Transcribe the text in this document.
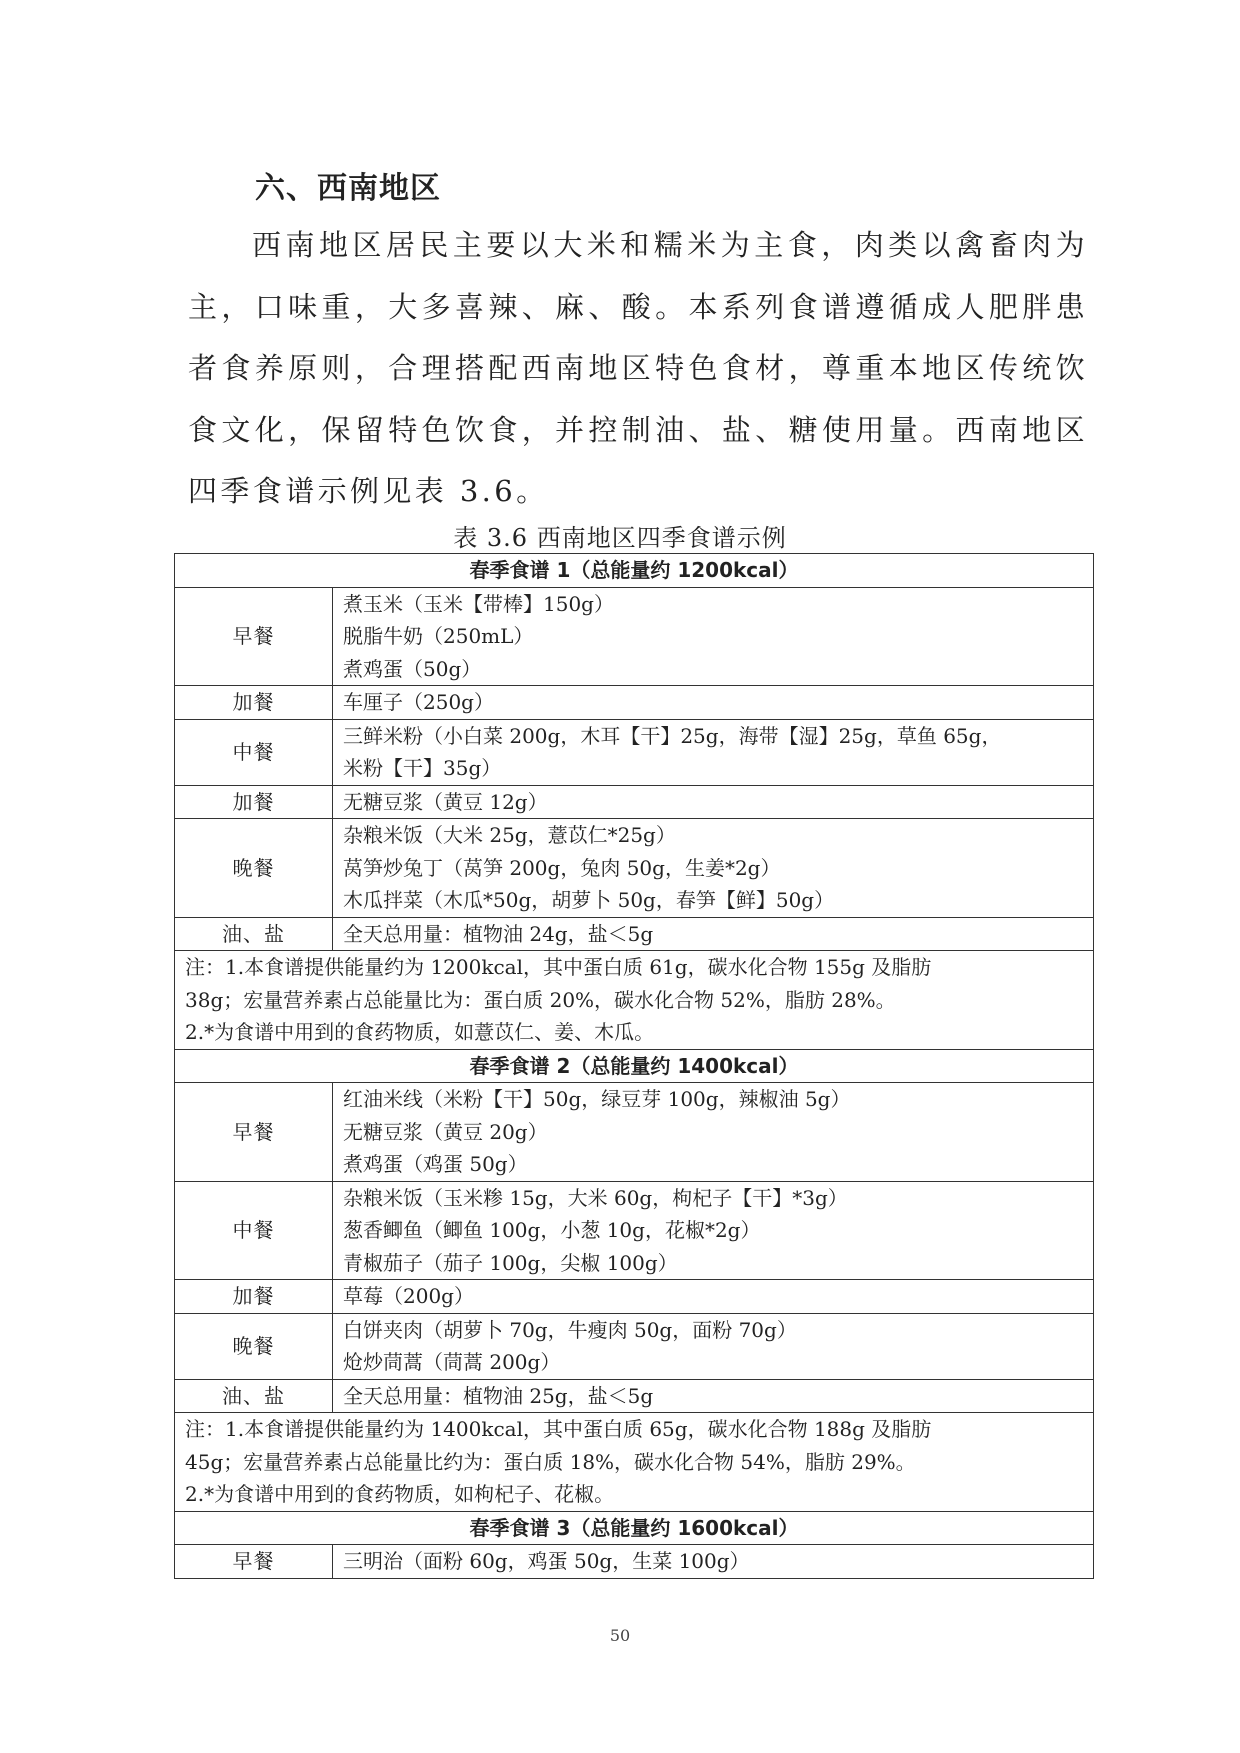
六、西南地区

西南地区居民主要以大米和糯米为主食，肉类以禽畜肉为主，口味重，大多喜辣、麻、酸。本系列食谱遵循成人肥胖患者食养原则，合理搭配西南地区特色食材，尊重本地区传统饮食文化，保留特色饮食，并控制油、盐、糖使用量。西南地区四季食谱示例见表 3.6。

表 3.6 西南地区四季食谱示例

春季食谱 1（总能量约 1200kcal）	
早餐	煮玉米（玉米【带棒】150g）
脱脂牛奶（250mL）
煮鸡蛋（50g）

加餐	车厘子（250g）

中餐	三鲜米粉（小白菜 200g，木耳【干】25g，海带【湿】25g，草鱼 65g，
米粉【干】35g）

加餐	无糖豆浆（黄豆 12g）

晚餐	杂粮米饭（大米 25g，薏苡仁*25g）
莴笋炒兔丁（莴笋 200g，兔肉 50g，生姜*2g）
木瓜拌菜（木瓜*50g，胡萝卜 50g，春笋【鲜】50g）

油、盐	全天总用量：植物油 24g，盐＜5g

注：1.本食谱提供能量约为 1200kcal，其中蛋白质 61g，碳水化合物 155g 及脂肪
38g；宏量营养素占总能量比为：蛋白质 20%，碳水化合物 52%，脂肪 28%。
2.*为食谱中用到的食药物质，如薏苡仁、姜、木瓜。	

春季食谱 2（总能量约 1400kcal）	
早餐	红油米线（米粉【干】50g，绿豆芽 100g，辣椒油 5g）
无糖豆浆（黄豆 20g）
煮鸡蛋（鸡蛋 50g）

中餐	杂粮米饭（玉米糁 15g，大米 60g，枸杞子【干】*3g）
葱香鲫鱼（鲫鱼 100g，小葱 10g，花椒*2g）
青椒茄子（茄子 100g，尖椒 100g）

加餐	草莓（200g）

晚餐	白饼夹肉（胡萝卜 70g，牛瘦肉 50g，面粉 70g）
炝炒茼蒿（茼蒿 200g）

油、盐	全天总用量：植物油 25g，盐＜5g

注：1.本食谱提供能量约为 1400kcal，其中蛋白质 65g，碳水化合物 188g 及脂肪
45g；宏量营养素占总能量比约为：蛋白质 18%，碳水化合物 54%，脂肪 29%。
2.*为食谱中用到的食药物质，如枸杞子、花椒。	

春季食谱 3（总能量约 1600kcal）	
早餐	三明治（面粉 60g，鸡蛋 50g，生菜 100g）
50
